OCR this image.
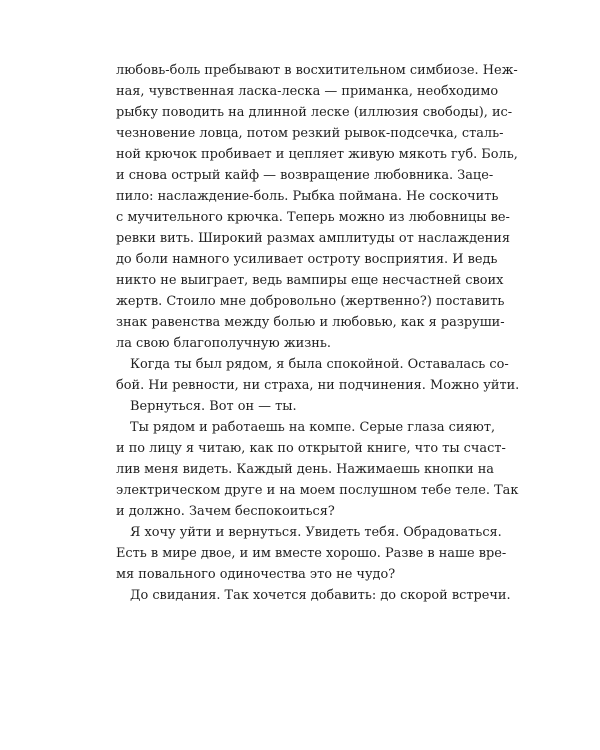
любовь-боль пребывают в восхитительном симбиозе. Неж-
ная, чувственная ласка-леска — приманка, необходимо
рыбку поводить на длинной леске (иллюзия свободы), ис-
чезновение ловца, потом резкий рывок-подсечка, сталь-
ной крючок пробивает и цепляет живую мякоть губ. Боль,
и снова острый кайф — возвращение любовника. Заце-
пило: наслаждение-боль. Рыбка поймана. Не соскочить
с мучительного крючка. Теперь можно из любовницы ве-
ревки вить. Широкий размах амплитуды от наслаждения
до боли намного усиливает остроту восприятия. И ведь
никто не выиграет, ведь вампиры еще несчастней своих
жертв. Стоило мне добровольно (жертвенно?) поставить
знак равенства между болью и любовью, как я разруши-
ла свою благополучную жизнь.
Когда ты был рядом, я была спокойной. Оставалась со-
бой. Ни ревности, ни страха, ни подчинения. Можно уйти.
Вернуться. Вот он — ты.
Ты рядом и работаешь на компе. Серые глаза сияют,
и по лицу я читаю, как по открытой книге, что ты счаст-
лив меня видеть. Каждый день. Нажимаешь кнопки на
электрическом друге и на моем послушном тебе теле. Так
и должно. Зачем беспокоиться?
Я хочу уйти и вернуться. Увидеть тебя. Обрадоваться.
Есть в мире двое, и им вместе хорошо. Разве в наше вре-
мя повального одиночества это не чудо?
До свидания. Так хочется добавить: до скорой встречи.
